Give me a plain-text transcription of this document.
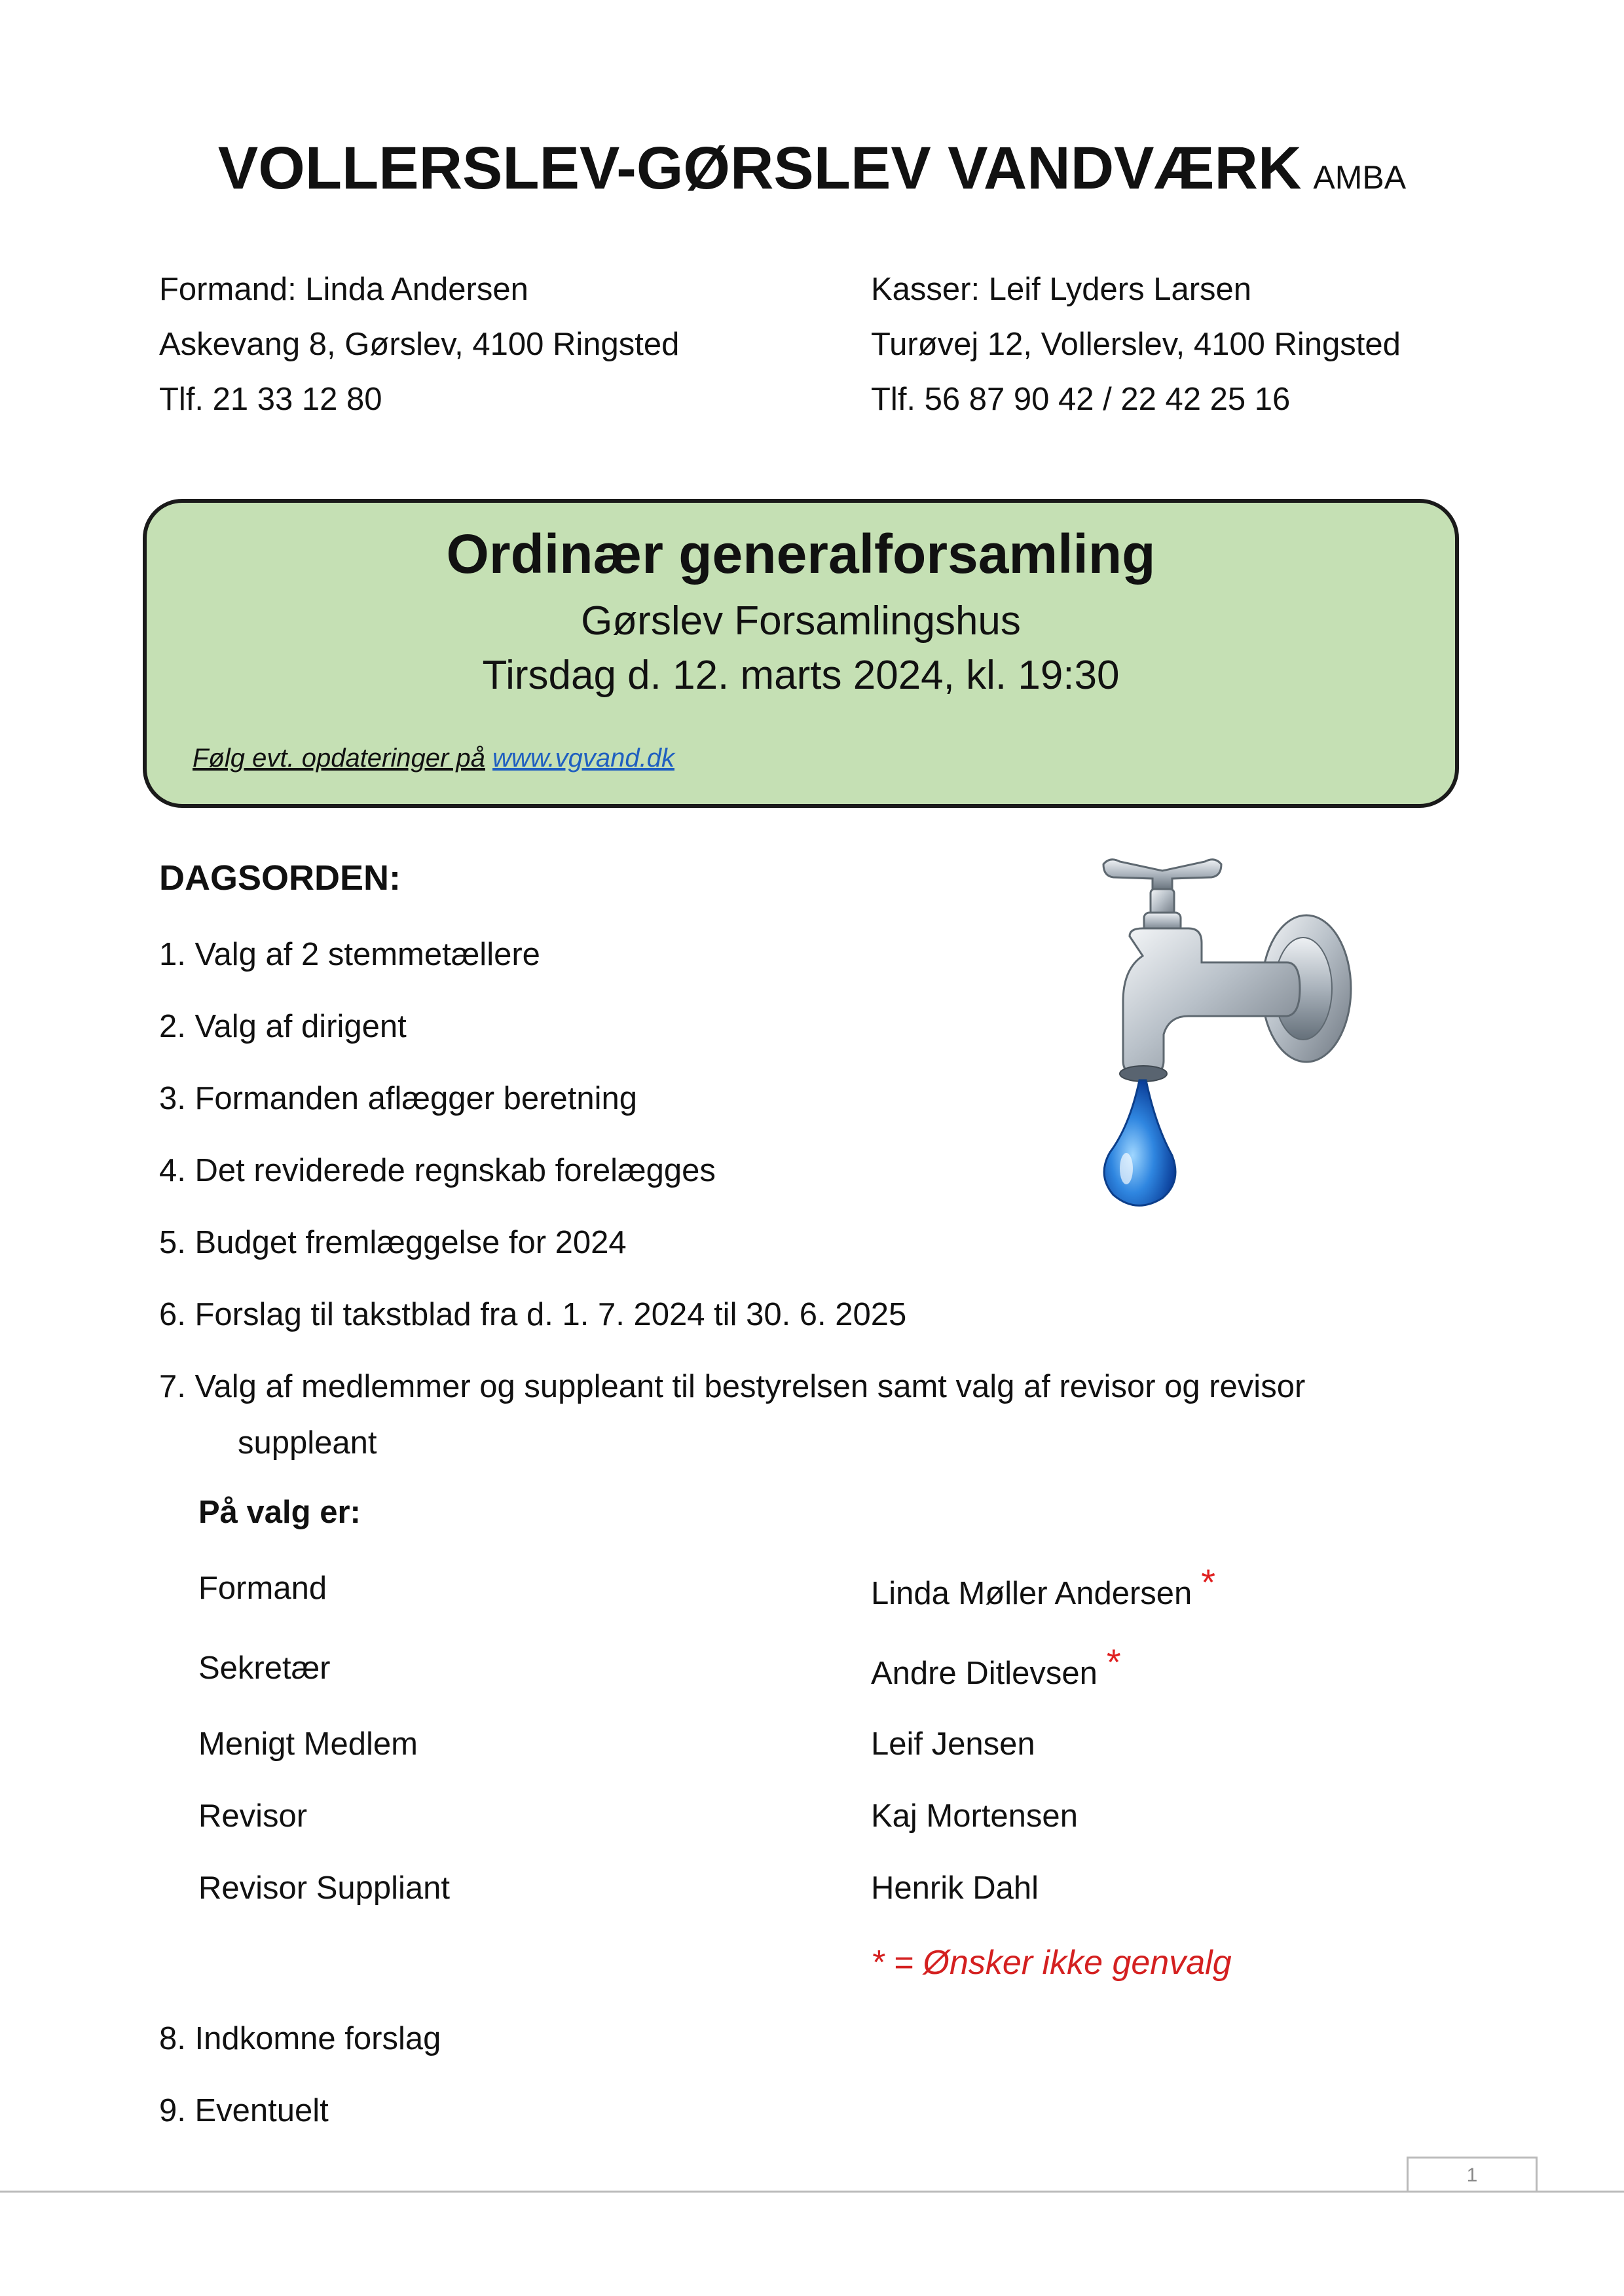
VOLLERSLEV-GØRSLEV VANDVÆRK AMBA
Formand: Linda Andersen
Askevang 8, Gørslev, 4100 Ringsted
Tlf. 21 33 12 80
Kasser: Leif Lyders Larsen
Turøvej 12, Vollerslev, 4100 Ringsted
Tlf. 56 87 90 42 / 22 42 25 16
Ordinær generalforsamling
Gørslev Forsamlingshus
Tirsdag d. 12. marts 2024, kl. 19:30
Følg evt. opdateringer på www.vgvand.dk
DAGSORDEN:
1. Valg af 2 stemmetællere
2. Valg af dirigent
3. Formanden aflægger beretning
4. Det reviderede regnskab forelægges
5. Budget fremlæggelse for 2024
6. Forslag til takstblad fra d. 1. 7. 2024 til 30. 6. 2025
7. Valg af medlemmer og suppleant til bestyrelsen samt valg af revisor og revisor
suppleant
På valg er:
Formand	Linda Møller Andersen *
Sekretær	Andre Ditlevsen *
Menigt Medlem	Leif Jensen
Revisor	Kaj Mortensen
Revisor Suppliant	Henrik Dahl
* = Ønsker ikke genvalg
8. Indkomne forslag
9. Eventuelt
1
